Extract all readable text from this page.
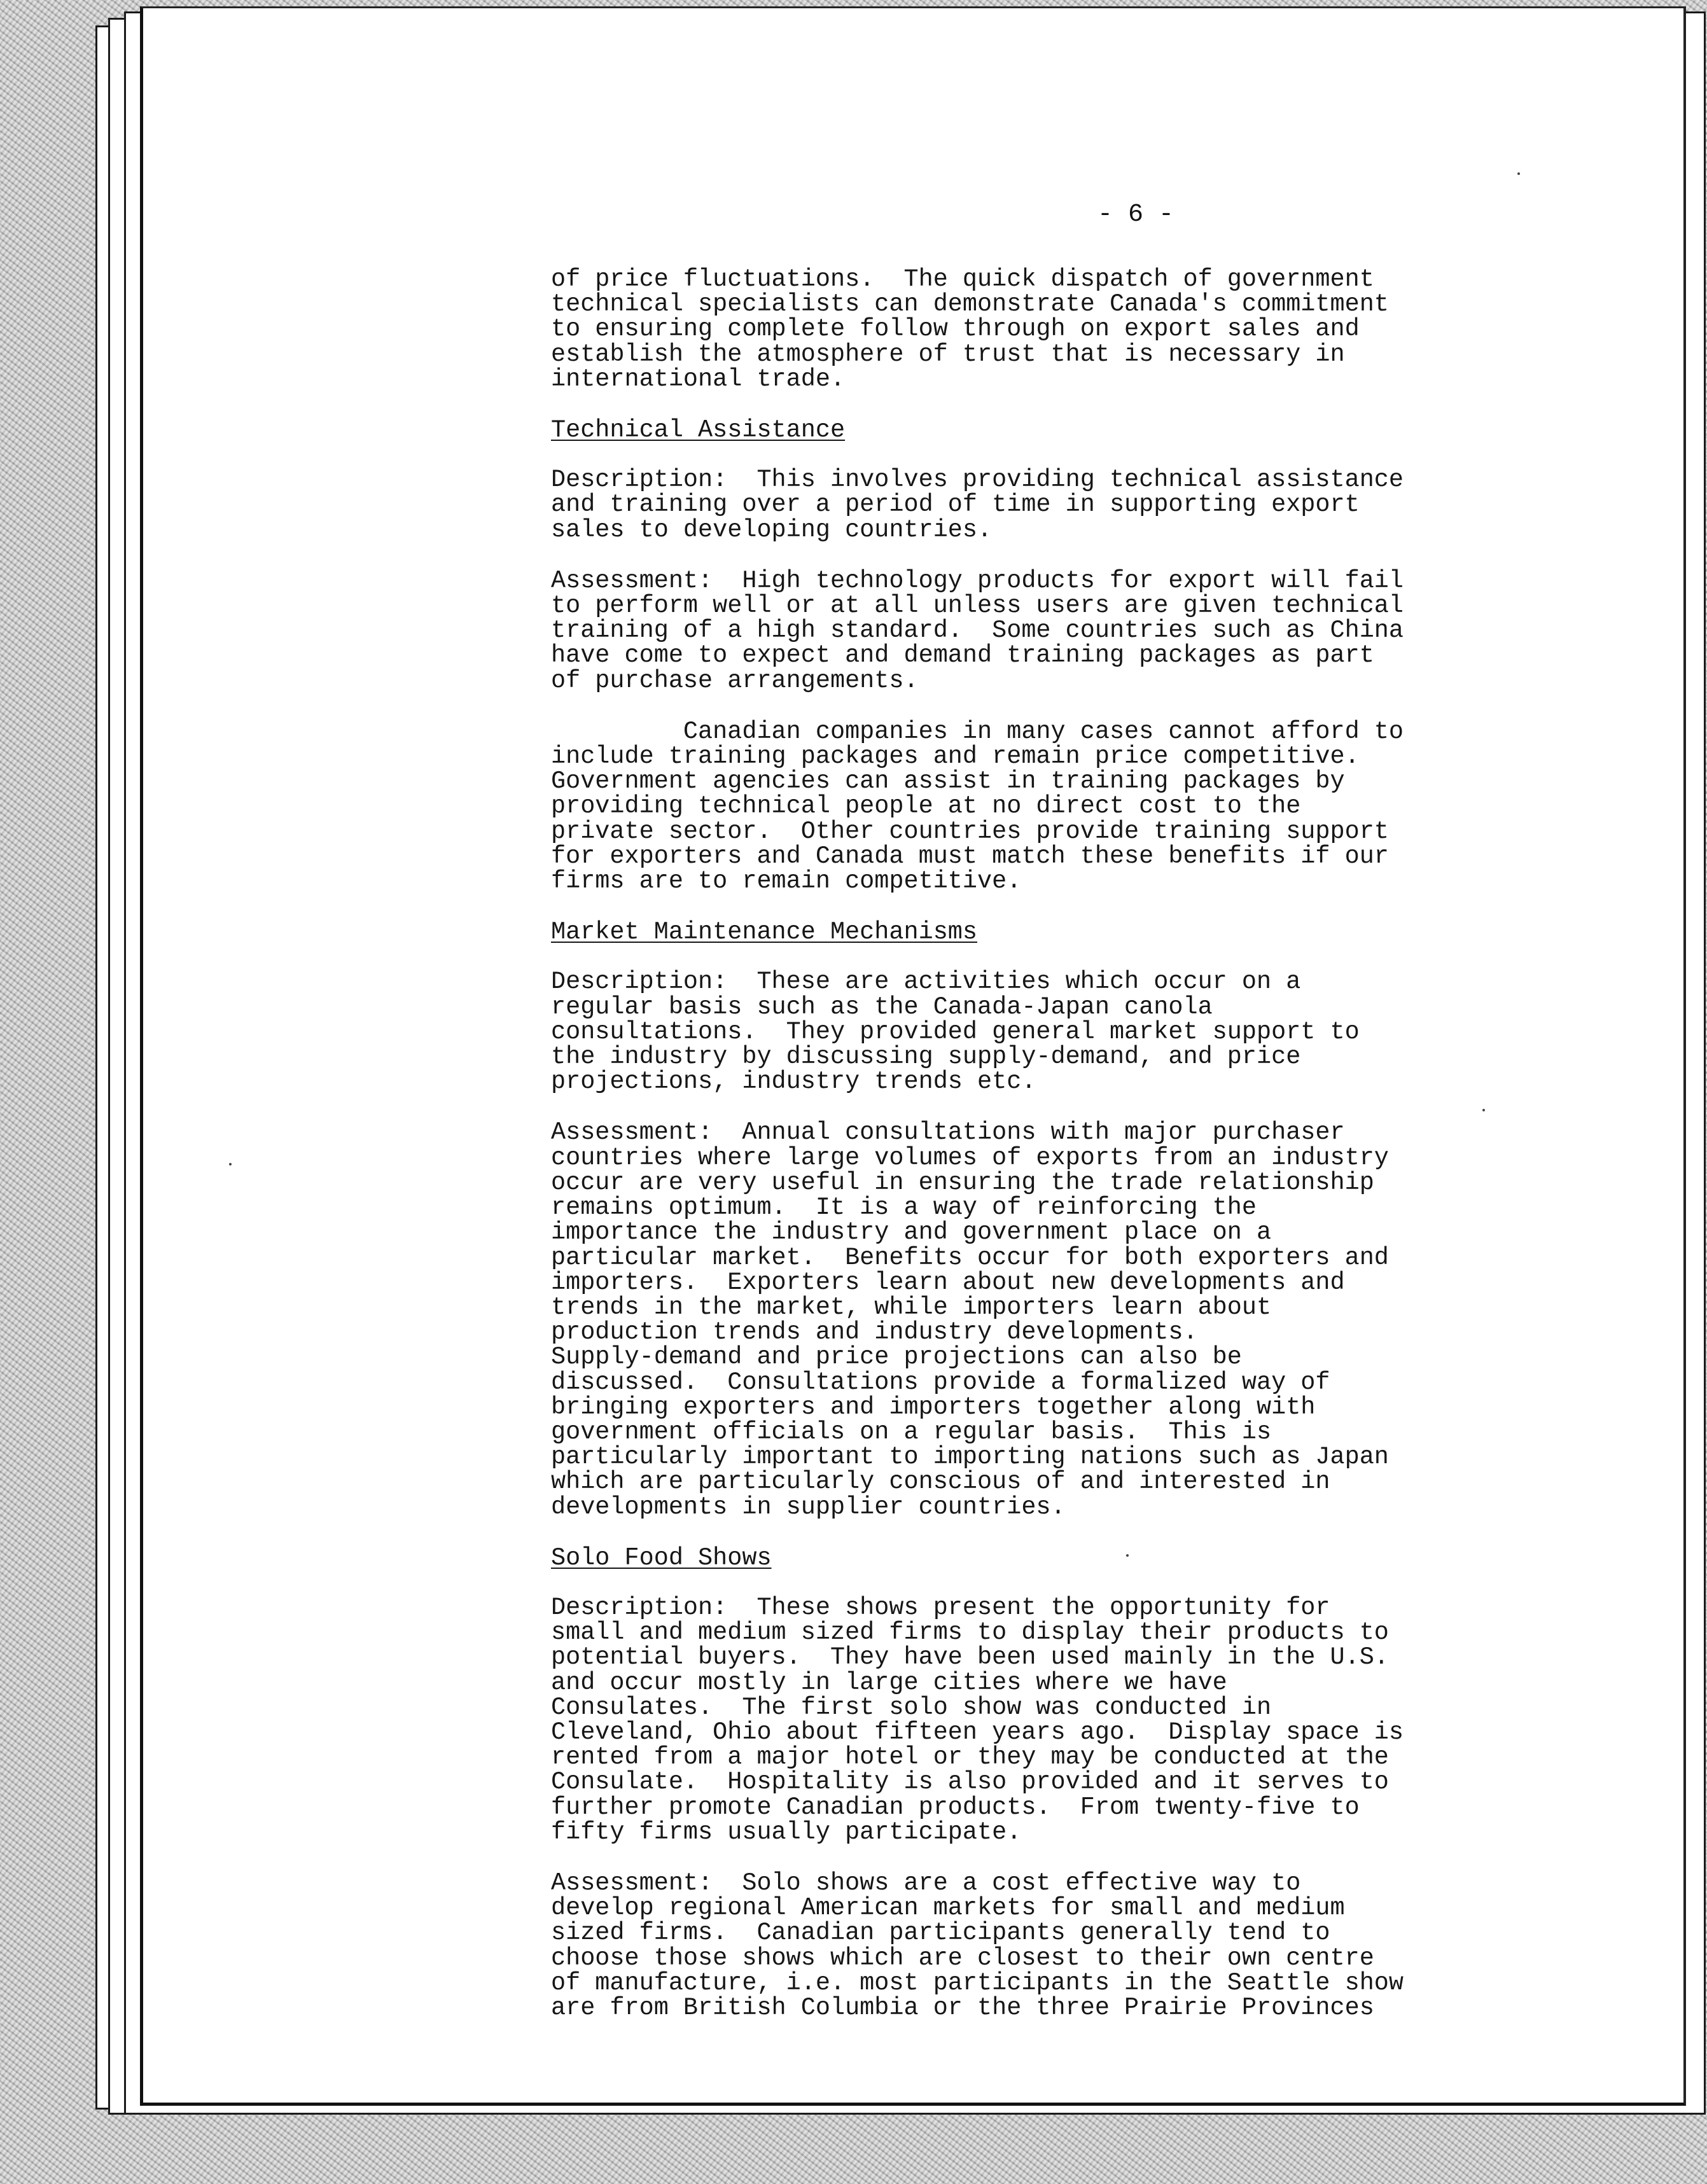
- 6 -
of price fluctuations.  The quick dispatch of government
technical specialists can demonstrate Canada's commitment
to ensuring complete follow through on export sales and
establish the atmosphere of trust that is necessary in
international trade.
Technical Assistance
Description:  This involves providing technical assistance
and training over a period of time in supporting export
sales to developing countries.
Assessment:  High technology products for export will fail
to perform well or at all unless users are given technical
training of a high standard.  Some countries such as China
have come to expect and demand training packages as part
of purchase arrangements.
Canadian companies in many cases cannot afford to
include training packages and remain price competitive.
Government agencies can assist in training packages by
providing technical people at no direct cost to the
private sector.  Other countries provide training support
for exporters and Canada must match these benefits if our
firms are to remain competitive.
Market Maintenance Mechanisms
Description:  These are activities which occur on a
regular basis such as the Canada-Japan canola
consultations.  They provided general market support to
the industry by discussing supply-demand, and price
projections, industry trends etc.
Assessment:  Annual consultations with major purchaser
countries where large volumes of exports from an industry
occur are very useful in ensuring the trade relationship
remains optimum.  It is a way of reinforcing the
importance the industry and government place on a
particular market.  Benefits occur for both exporters and
importers.  Exporters learn about new developments and
trends in the market, while importers learn about
production trends and industry developments.
Supply-demand and price projections can also be
discussed.  Consultations provide a formalized way of
bringing exporters and importers together along with
government officials on a regular basis.  This is
particularly important to importing nations such as Japan
which are particularly conscious of and interested in
developments in supplier countries.
Solo Food Shows
Description:  These shows present the opportunity for
small and medium sized firms to display their products to
potential buyers.  They have been used mainly in the U.S.
and occur mostly in large cities where we have
Consulates.  The first solo show was conducted in
Cleveland, Ohio about fifteen years ago.  Display space is
rented from a major hotel or they may be conducted at the
Consulate.  Hospitality is also provided and it serves to
further promote Canadian products.  From twenty-five to
fifty firms usually participate.
Assessment:  Solo shows are a cost effective way to
develop regional American markets for small and medium
sized firms.  Canadian participants generally tend to
choose those shows which are closest to their own centre
of manufacture, i.e. most participants in the Seattle show
are from British Columbia or the three Prairie Provinces
